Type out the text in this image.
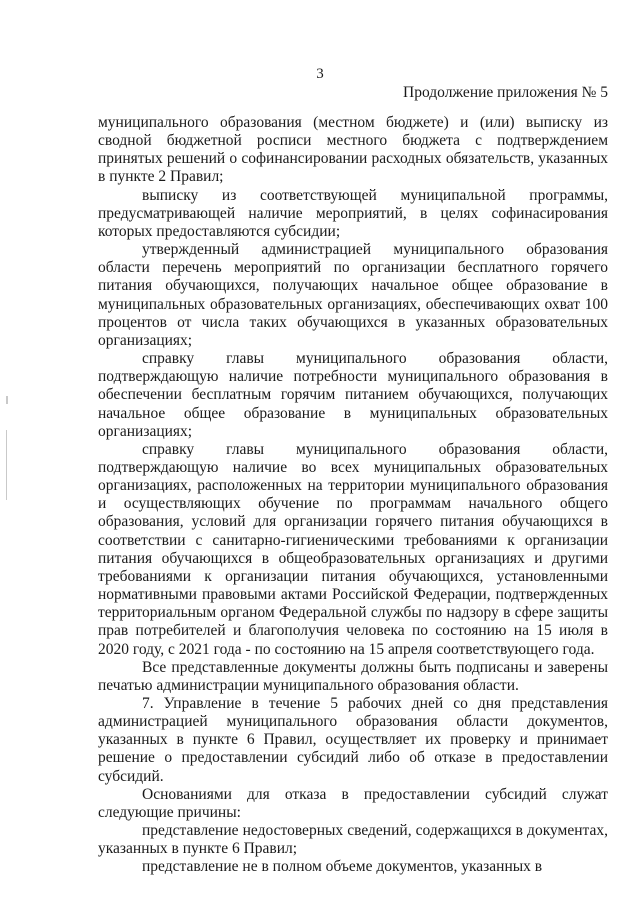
3
Продолжение приложения № 5

муниципального образования (местном бюджете) и (или) выписку из сводной бюджетной росписи местного бюджета с подтверждением принятых решений о софинансировании расходных обязательств, указанных в пункте 2 Правил;

выписку из соответствующей муниципальной программы, предусматривающей наличие мероприятий, в целях софинасирования которых предоставляются субсидии;

утвержденный администрацией муниципального образования области перечень мероприятий по организации бесплатного горячего питания обучающихся, получающих начальное общее образование в муниципальных образовательных организациях, обеспечивающих охват 100 процентов от числа таких обучающихся в указанных образовательных организациях;

справку главы муниципального образования области, подтверждающую наличие потребности муниципального образования в обеспечении бесплатным горячим питанием обучающихся, получающих начальное общее образование в муниципальных образовательных организациях;

справку главы муниципального образования области, подтверждающую наличие во всех муниципальных образовательных организациях, расположенных на территории муниципального образования и осуществляющих обучение по программам начального общего образования, условий для организации горячего питания обучающихся в соответствии с санитарно-гигиеническими требованиями к организации питания обучающихся в общеобразовательных организациях и другими требованиями к организации питания обучающихся, установленными нормативными правовыми актами Российской Федерации, подтвержденных территориальным органом Федеральной службы по надзору в сфере защиты прав потребителей и благополучия человека по состоянию на 15 июля в 2020 году, с 2021 года - по состоянию на 15 апреля соответствующего года.

Все представленные документы должны быть подписаны и заверены печатью администрации муниципального образования области.

7. Управление в течение 5 рабочих дней со дня представления администрацией муниципального образования области документов, указанных в пункте 6 Правил, осуществляет их проверку и принимает решение о предоставлении субсидий либо об отказе в предоставлении субсидий.

Основаниями для отказа в предоставлении субсидий служат следующие причины:

представление недостоверных сведений, содержащихся в документах, указанных в пункте 6 Правил;

представление не в полном объеме документов, указанных в
